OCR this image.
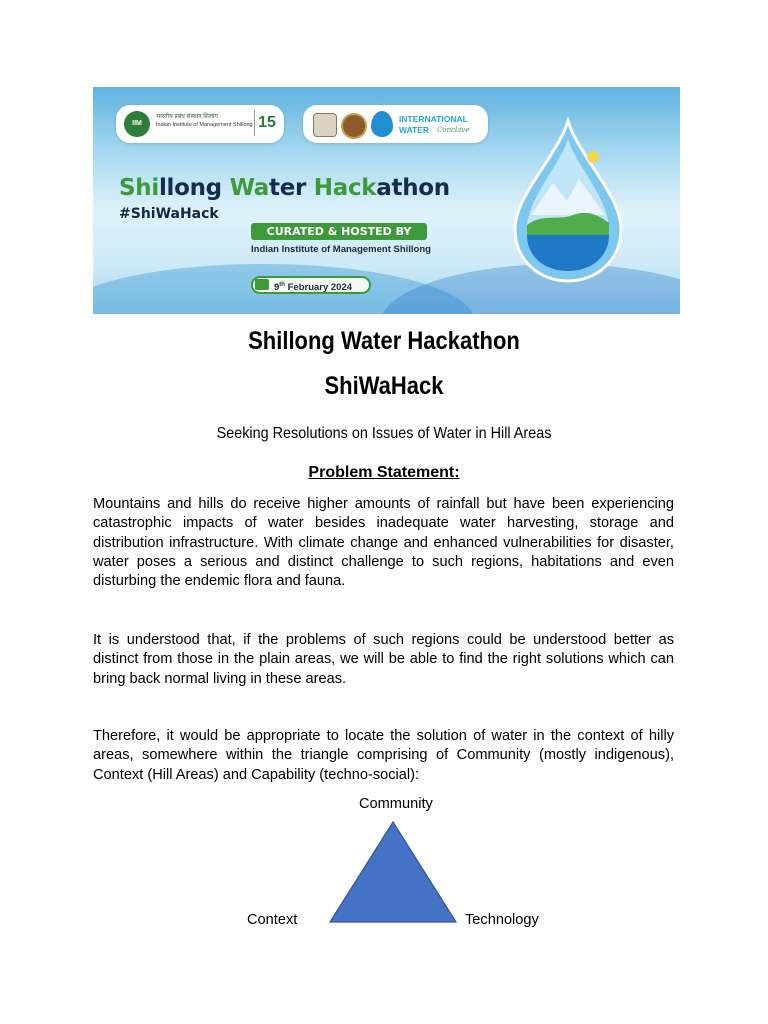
IIM
भारतीय प्रबंध संस्थान शिलांग
Indian Institute of Management Shillong 15	INTERNATIONAL
WATER Conclave
Shillong Water Hackathon
#ShiWaHack
CURATED & HOSTED BY
Indian Institute of Management Shillong
9th February 2024
Shillong Water Hackathon
ShiWaHack
Seeking Resolutions on Issues of Water in Hill Areas
Problem Statement:

Mountains and hills do receive higher amounts of rainfall but have been experiencing catastrophic impacts of water besides inadequate water harvesting, storage and distribution infrastructure. With climate change and enhanced vulnerabilities for disaster, water poses a serious and distinct challenge to such regions, habitations and even disturbing the endemic flora and fauna.

It is understood that, if the problems of such regions could be understood better as distinct from those in the plain areas, we will be able to find the right solutions which can bring back normal living in these areas.

Therefore, it would be appropriate to locate the solution of water in the context of hilly areas, somewhere within the triangle comprising of Community (mostly indigenous), Context (Hill Areas) and Capability (techno-social):

Community
Context	Technology
